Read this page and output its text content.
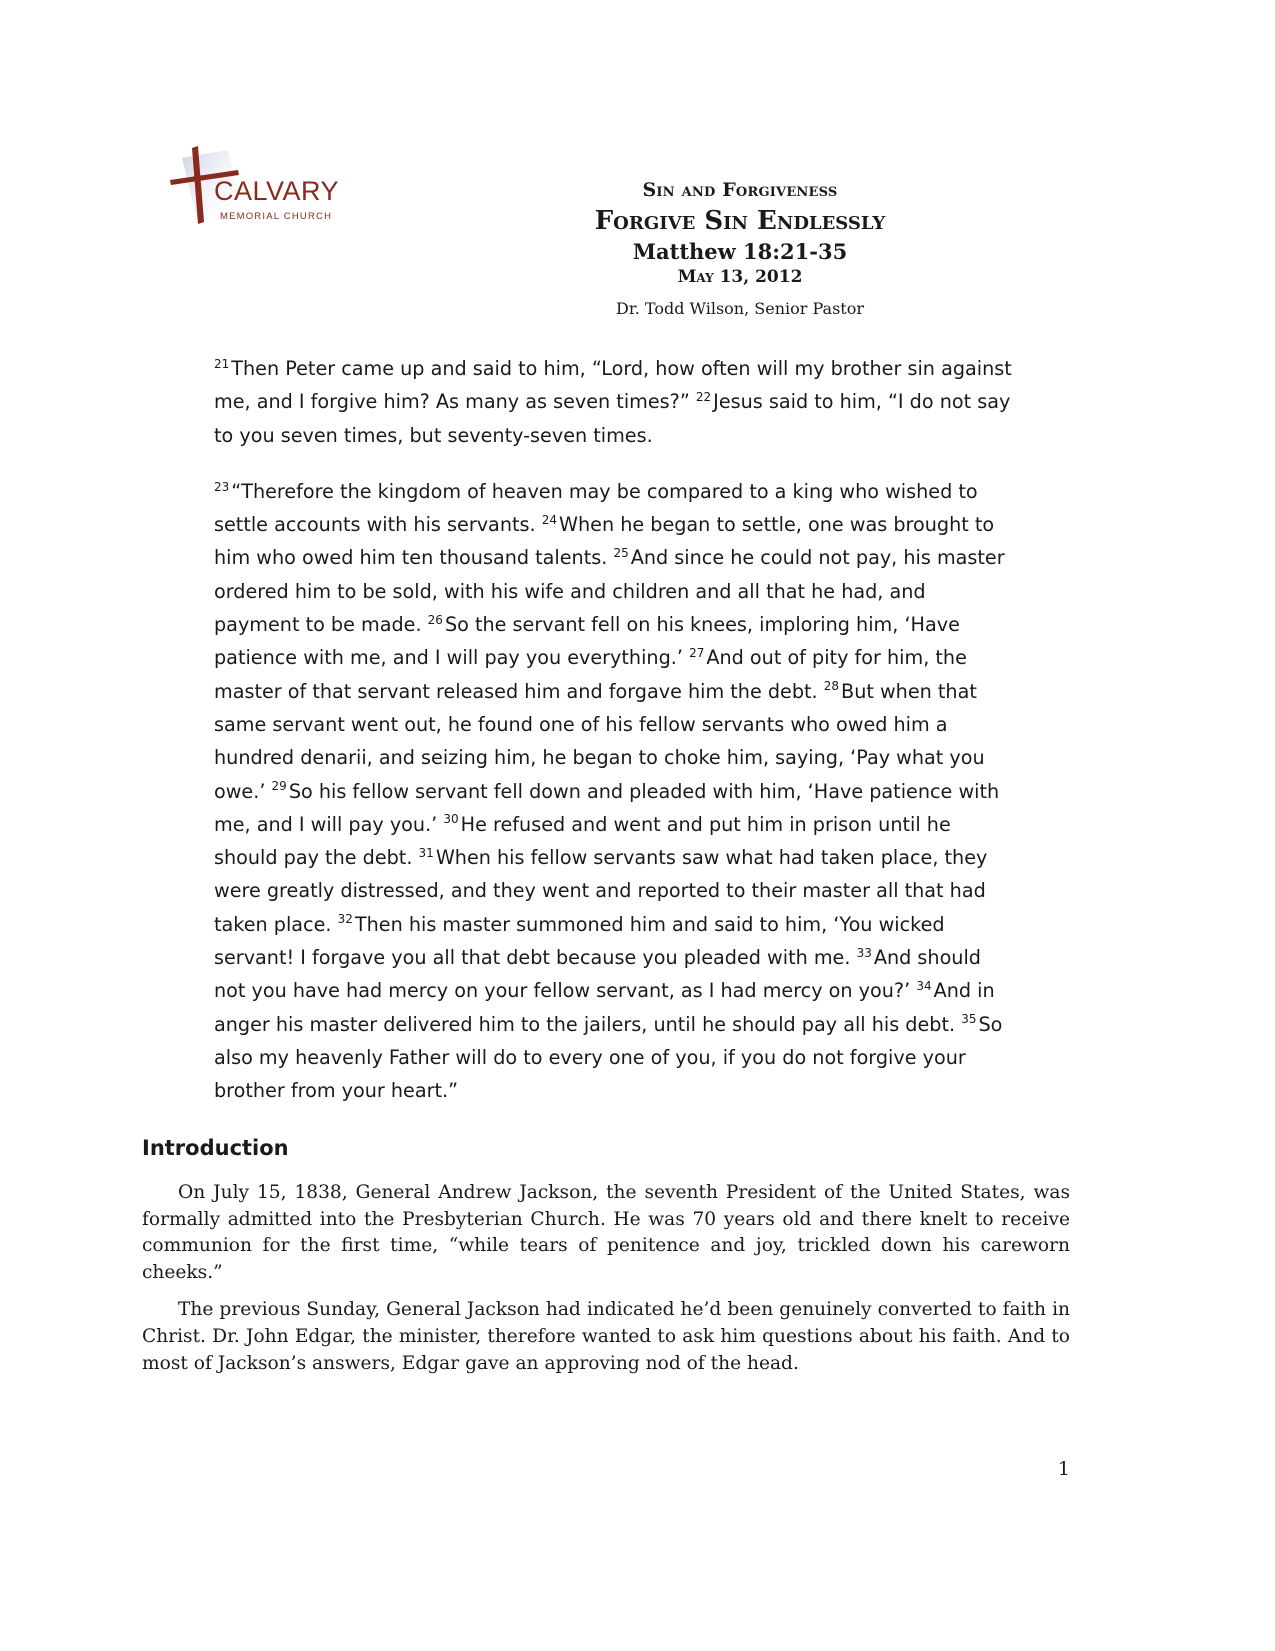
CALVARY
MEMORIAL CHURCH
Sin and Forgiveness
Forgive Sin Endlessly
Matthew 18:21-35
May 13, 2012
Dr. Todd Wilson, Senior Pastor

$^{21}$ Then Peter came up and said to him, “Lord, how often will my brother sin against me, and I forgive him? As many as seven times?” $^{22}$ Jesus said to him, “I do not say to you seven times, but seventy-seven times.

$^{23}$ “Therefore the kingdom of heaven may be compared to a king who wished to settle accounts with his servants. $^{24}$ When he began to settle, one was brought to him who owed him ten thousand talents. $^{25}$ And since he could not pay, his master ordered him to be sold, with his wife and children and all that he had, and payment to be made. $^{26}$ So the servant fell on his knees, imploring him, ‘Have patience with me, and I will pay you everything.’ $^{27}$ And out of pity for him, the master of that servant released him and forgave him the debt. $^{28}$ But when that same servant went out, he found one of his fellow servants who owed him a hundred denarii, and seizing him, he began to choke him, saying, ‘Pay what you owe.’ $^{29}$ So his fellow servant fell down and pleaded with him, ‘Have patience with me, and I will pay you.’ $^{30}$ He refused and went and put him in prison until he should pay the debt. $^{31}$ When his fellow servants saw what had taken place, they were greatly distressed, and they went and reported to their master all that had taken place. $^{32}$ Then his master summoned him and said to him, ‘You wicked servant! I forgave you all that debt because you pleaded with me. $^{33}$ And should not you have had mercy on your fellow servant, as I had mercy on you?’ $^{34}$ And in anger his master delivered him to the jailers, until he should pay all his debt. $^{35}$ So also my heavenly Father will do to every one of you, if you do not forgive your brother from your heart.”

Introduction

On July 15, 1838, General Andrew Jackson, the seventh President of the United States, was formally admitted into the Presbyterian Church. He was 70 years old and there knelt to receive communion for the first time, “while tears of penitence and joy, trickled down his careworn cheeks.”

The previous Sunday, General Jackson had indicated he’d been genuinely converted to faith in Christ. Dr. John Edgar, the minister, therefore wanted to ask him questions about his faith. And to most of Jackson’s answers, Edgar gave an approving nod of the head.

1
